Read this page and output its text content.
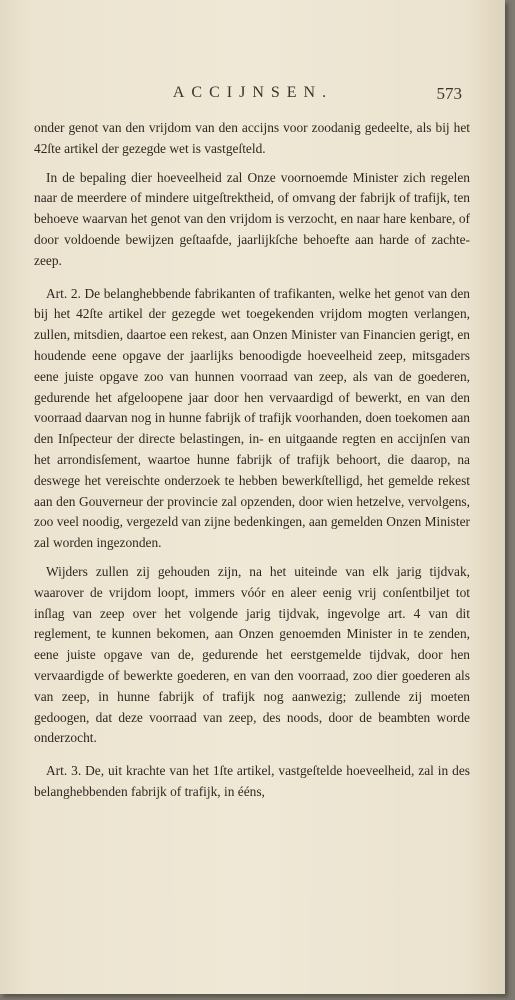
ACCIJNSEN.	573

onder genot van den vrijdom van den accijns voor zoodanig gedeelte, als bij het 42ſte artikel der gezegde wet is vastgeſteld.

In de bepaling dier hoeveelheid zal Onze voornoemde Minister zich regelen naar de meerdere of mindere uitgeſtrektheid, of omvang der fabrijk of trafijk, ten behoeve waarvan het genot van den vrijdom is verzocht, en naar hare kenbare, of door voldoende bewijzen geſtaafde, jaarlijkſche behoefte aan harde of zachte-zeep.

Art. 2. De belanghebbende fabrikanten of trafikanten, welke het genot van den bij het 42ſte artikel der gezegde wet toegekenden vrijdom mogten verlangen, zullen, mitsdien, daartoe een rekest, aan Onzen Minister van Financien gerigt, en houdende eene opgave der jaarlijks benoodigde hoeveelheid zeep, mitsgaders eene juiste opgave zoo van hunnen voorraad van zeep, als van de goederen, gedurende het afgeloopene jaar door hen vervaardigd of bewerkt, en van den voorraad daarvan nog in hunne fabrijk of trafijk voorhanden, doen toekomen aan den Inſpecteur der directe belastingen, in- en uitgaande regten en accijnſen van het arrondisſement, waartoe hunne fabrijk of trafijk behoort, die daarop, na deswege het vereischte onderzoek te hebben bewerkſtelligd, het gemelde rekest aan den Gouverneur der provincie zal opzenden, door wien hetzelve, vervolgens, zoo veel noodig, vergezeld van zijne bedenkingen, aan gemelden Onzen Minister zal worden ingezonden.

Wijders zullen zij gehouden zijn, na het uiteinde van elk jarig tijdvak, waarover de vrijdom loopt, immers vóór en aleer eenig vrij conſentbiljet tot inſlag van zeep over het volgende jarig tijdvak, ingevolge art. 4 van dit reglement, te kunnen bekomen, aan Onzen genoemden Minister in te zenden, eene juiste opgave van de, gedurende het eerstgemelde tijdvak, door hen vervaardigde of bewerkte goederen, en van den voorraad, zoo dier goederen als van zeep, in hunne fabrijk of trafijk nog aanwezig; zullende zij moeten gedoogen, dat deze voorraad van zeep, des noods, door de beambten worde onderzocht.

Art. 3. De, uit krachte van het 1ſte artikel, vastgeſtelde hoeveelheid, zal in des belanghebbenden fabrijk of trafijk, in ééns,
